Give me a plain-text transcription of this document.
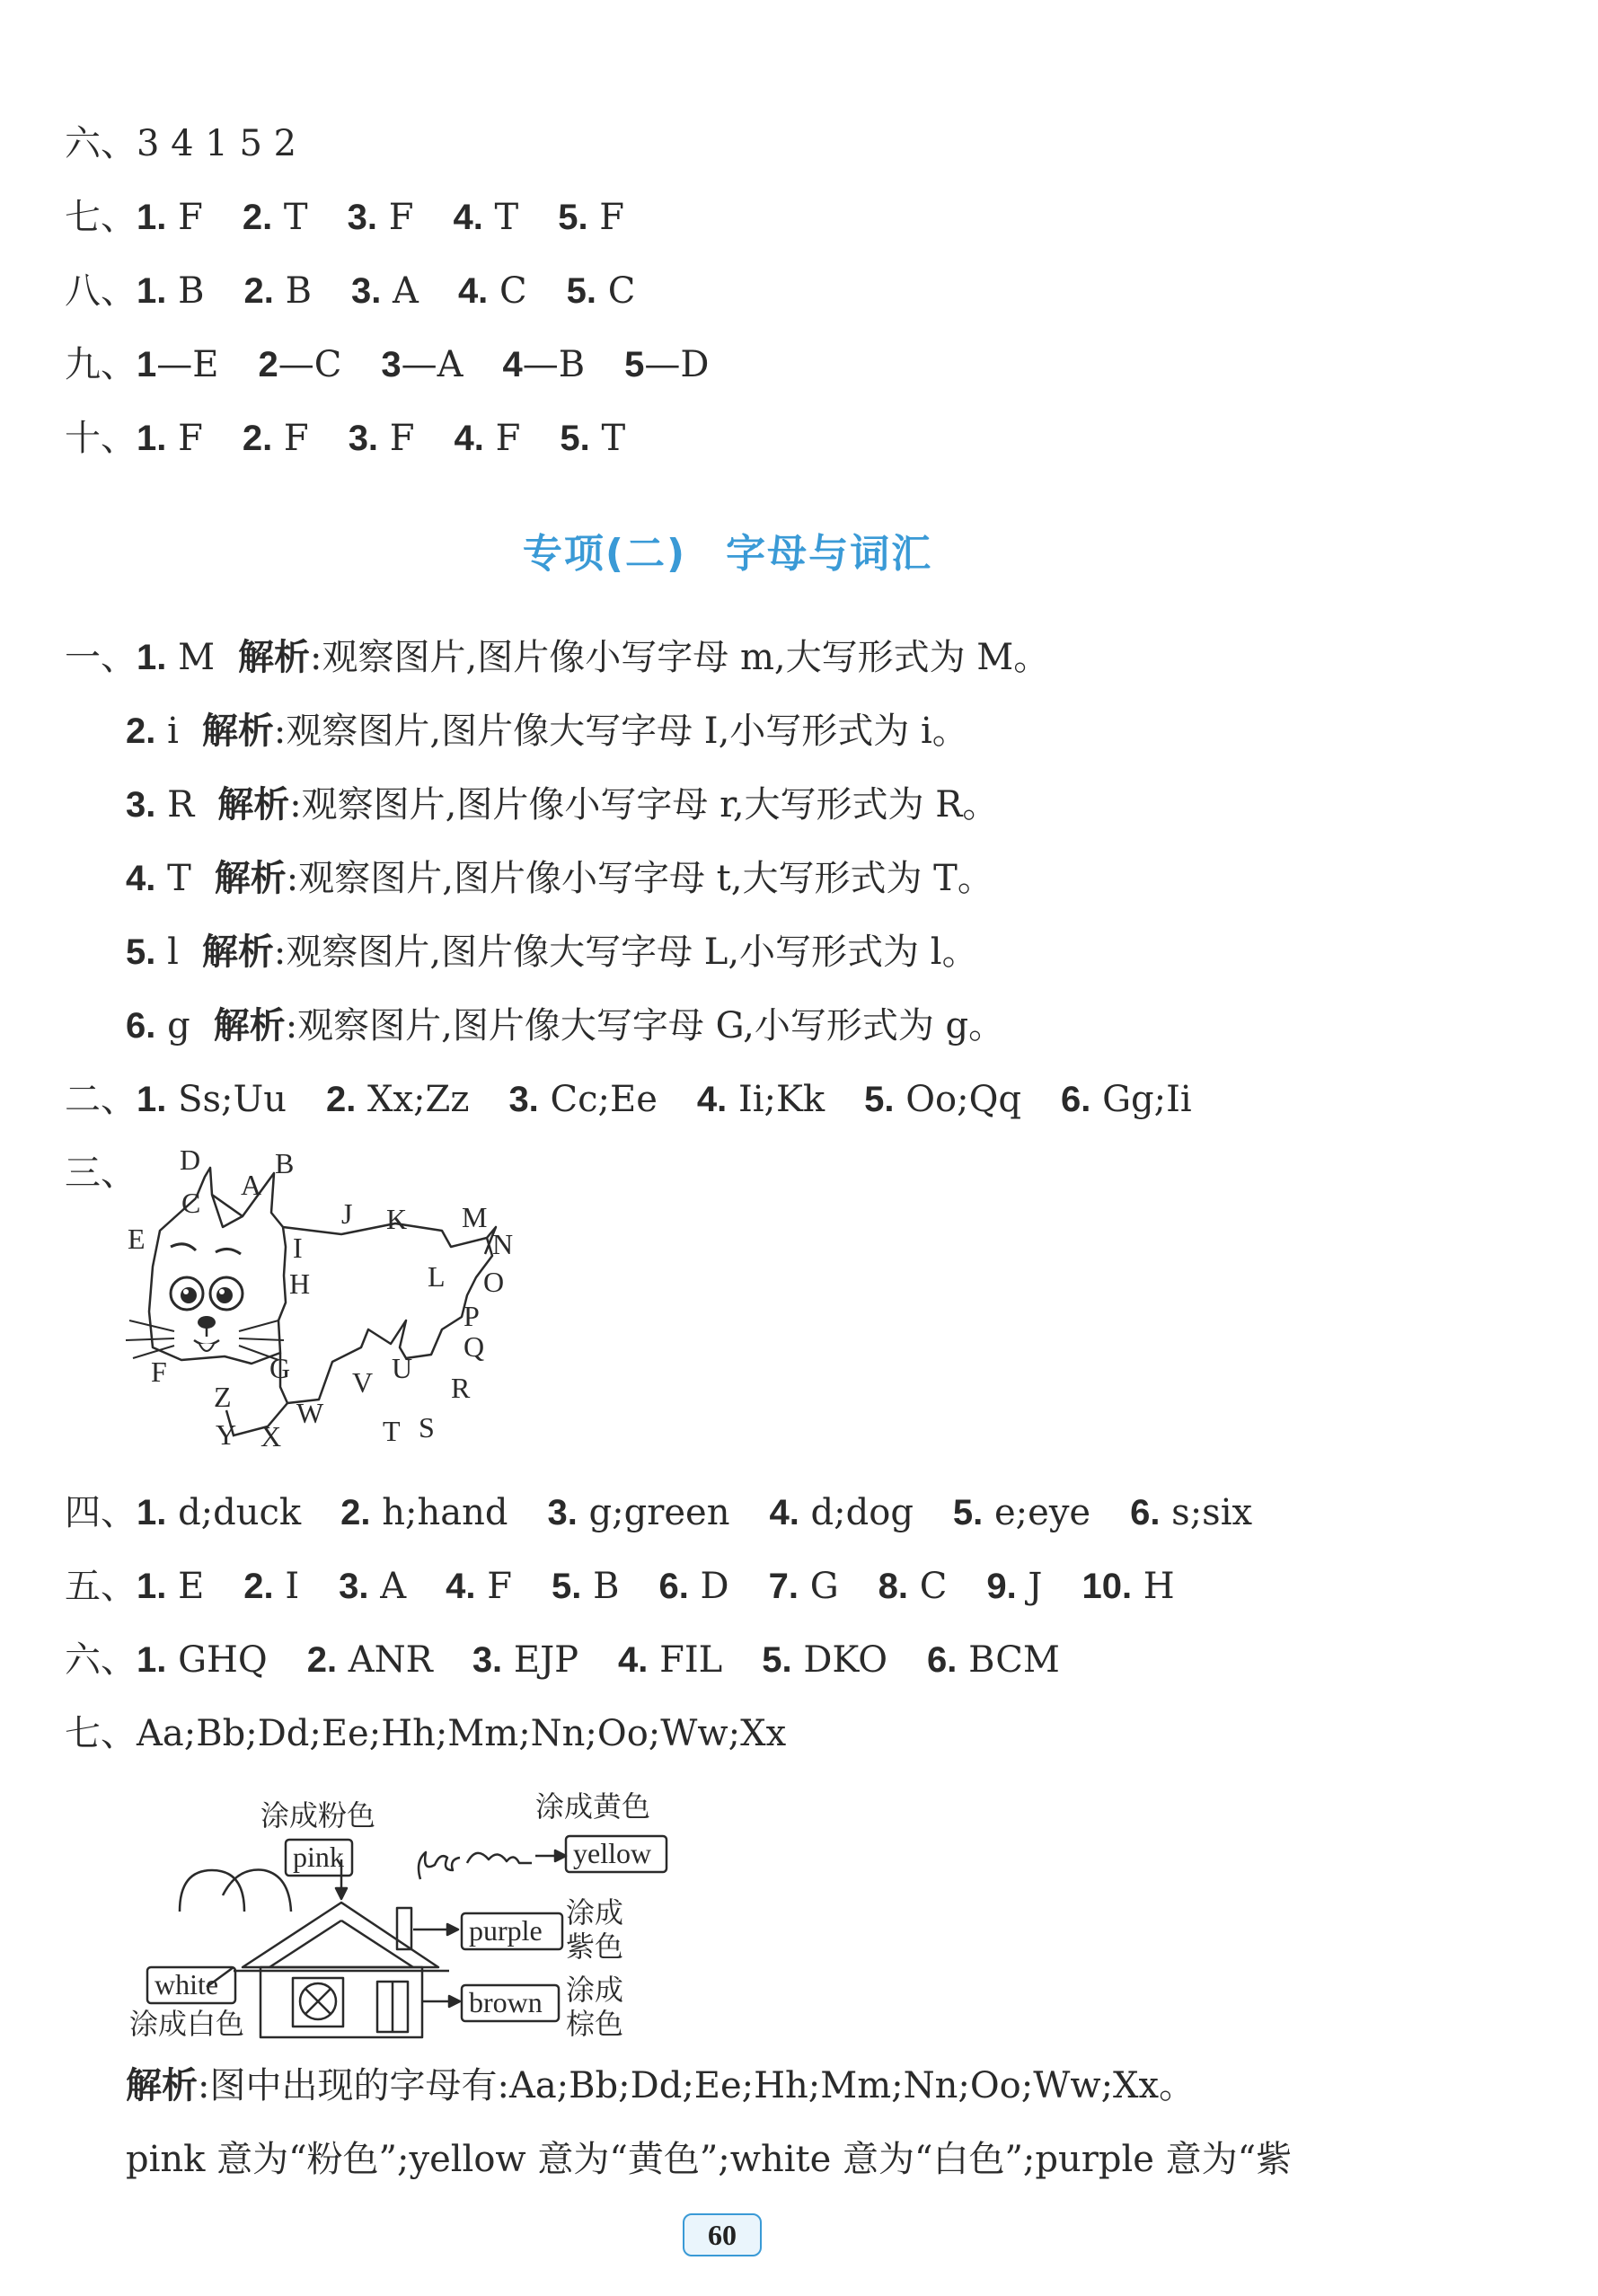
六、3 4 1 5 2
七、1. F 2. T 3. F 4. T 5. F
八、1. B 2. B 3. A 4. C 5. C
九、1—E 2—C 3—A 4—B 5—D
十、1. F 2. F 3. F 4. F 5. T
专项(二) 字母与词汇
一、1. M 解析:观察图片,图片像小写字母 m,大写形式为 M。
2. i 解析:观察图片,图片像大写字母 I,小写形式为 i。
3. R 解析:观察图片,图片像小写字母 r,大写形式为 R。
4. T 解析:观察图片,图片像小写字母 t,大写形式为 T。
5. l 解析:观察图片,图片像大写字母 L,小写形式为 l。
6. g 解析:观察图片,图片像大写字母 G,小写形式为 g。
二、1. Ss;Uu 2. Xx;Zz 3. Cc;Ee 4. Ii;Kk 5. Oo;Qq 6. Gg;Ii
三、	A
B
C
D
E
F	G
H
I
J K
L
M
N
O
P
Q
R
S
T
U
V
W
X
Y
Z
四、1. d;duck 2. h;hand 3. g;green 4. d;dog 5. e;eye 6. s;six
五、1. E 2. I 3. A 4. F 5. B 6. D 7. G 8. C 9. J 10. H
六、1. GHQ 2. ANR 3. EJP 4. FIL 5. DKO 6. BCM
七、Aa;Bb;Dd;Ee;Hh;Mm;Nn;Oo;Ww;Xx
pink	yellow
purple
white
brown
涂成粉色	涂成黄色
涂成
紫色
涂成白色
涂成
棕色
解析:图中出现的字母有:Aa;Bb;Dd;Ee;Hh;Mm;Nn;Oo;Ww;Xx。
pink 意为“粉色”;yellow 意为“黄色”;white 意为“白色”;purple 意为“紫
60
